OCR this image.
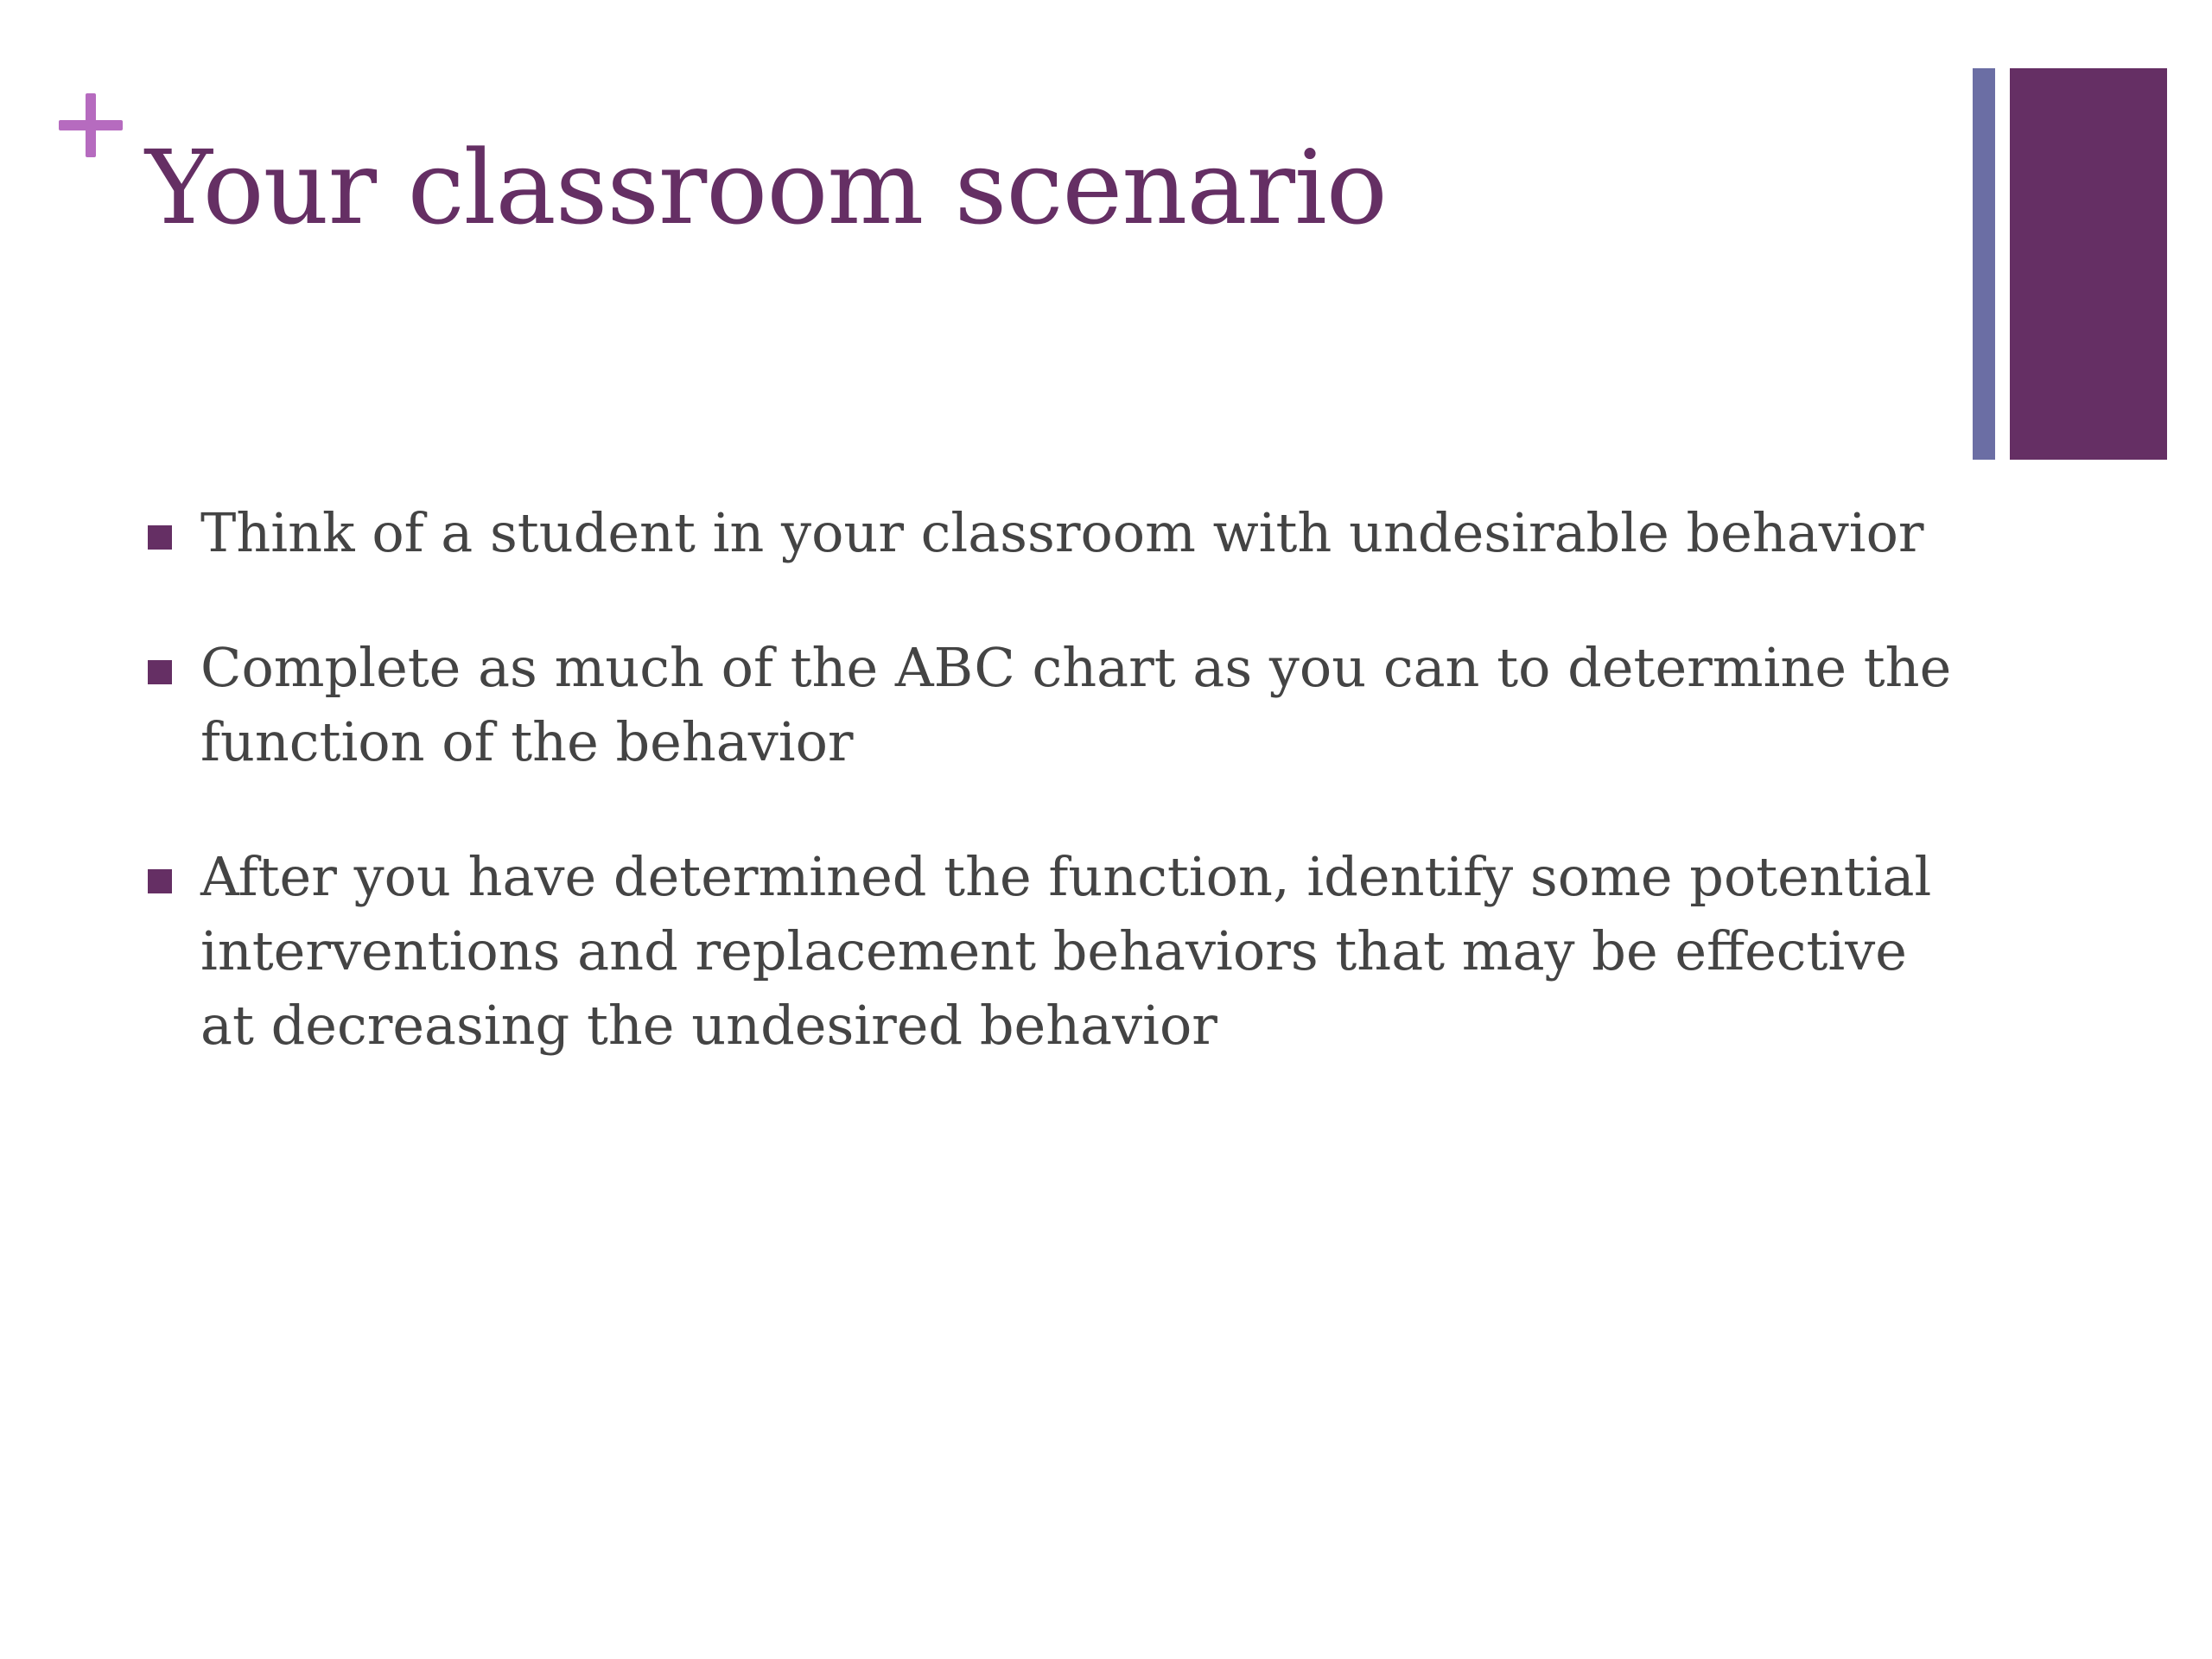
Your classroom scenario
Think of a student in your classroom with undesirable behavior
Complete as much of the ABC chart as you can to determine the function of the behavior
After you have determined the function, identify some potential interventions and replacement behaviors that may be effective at decreasing the undesired behavior
